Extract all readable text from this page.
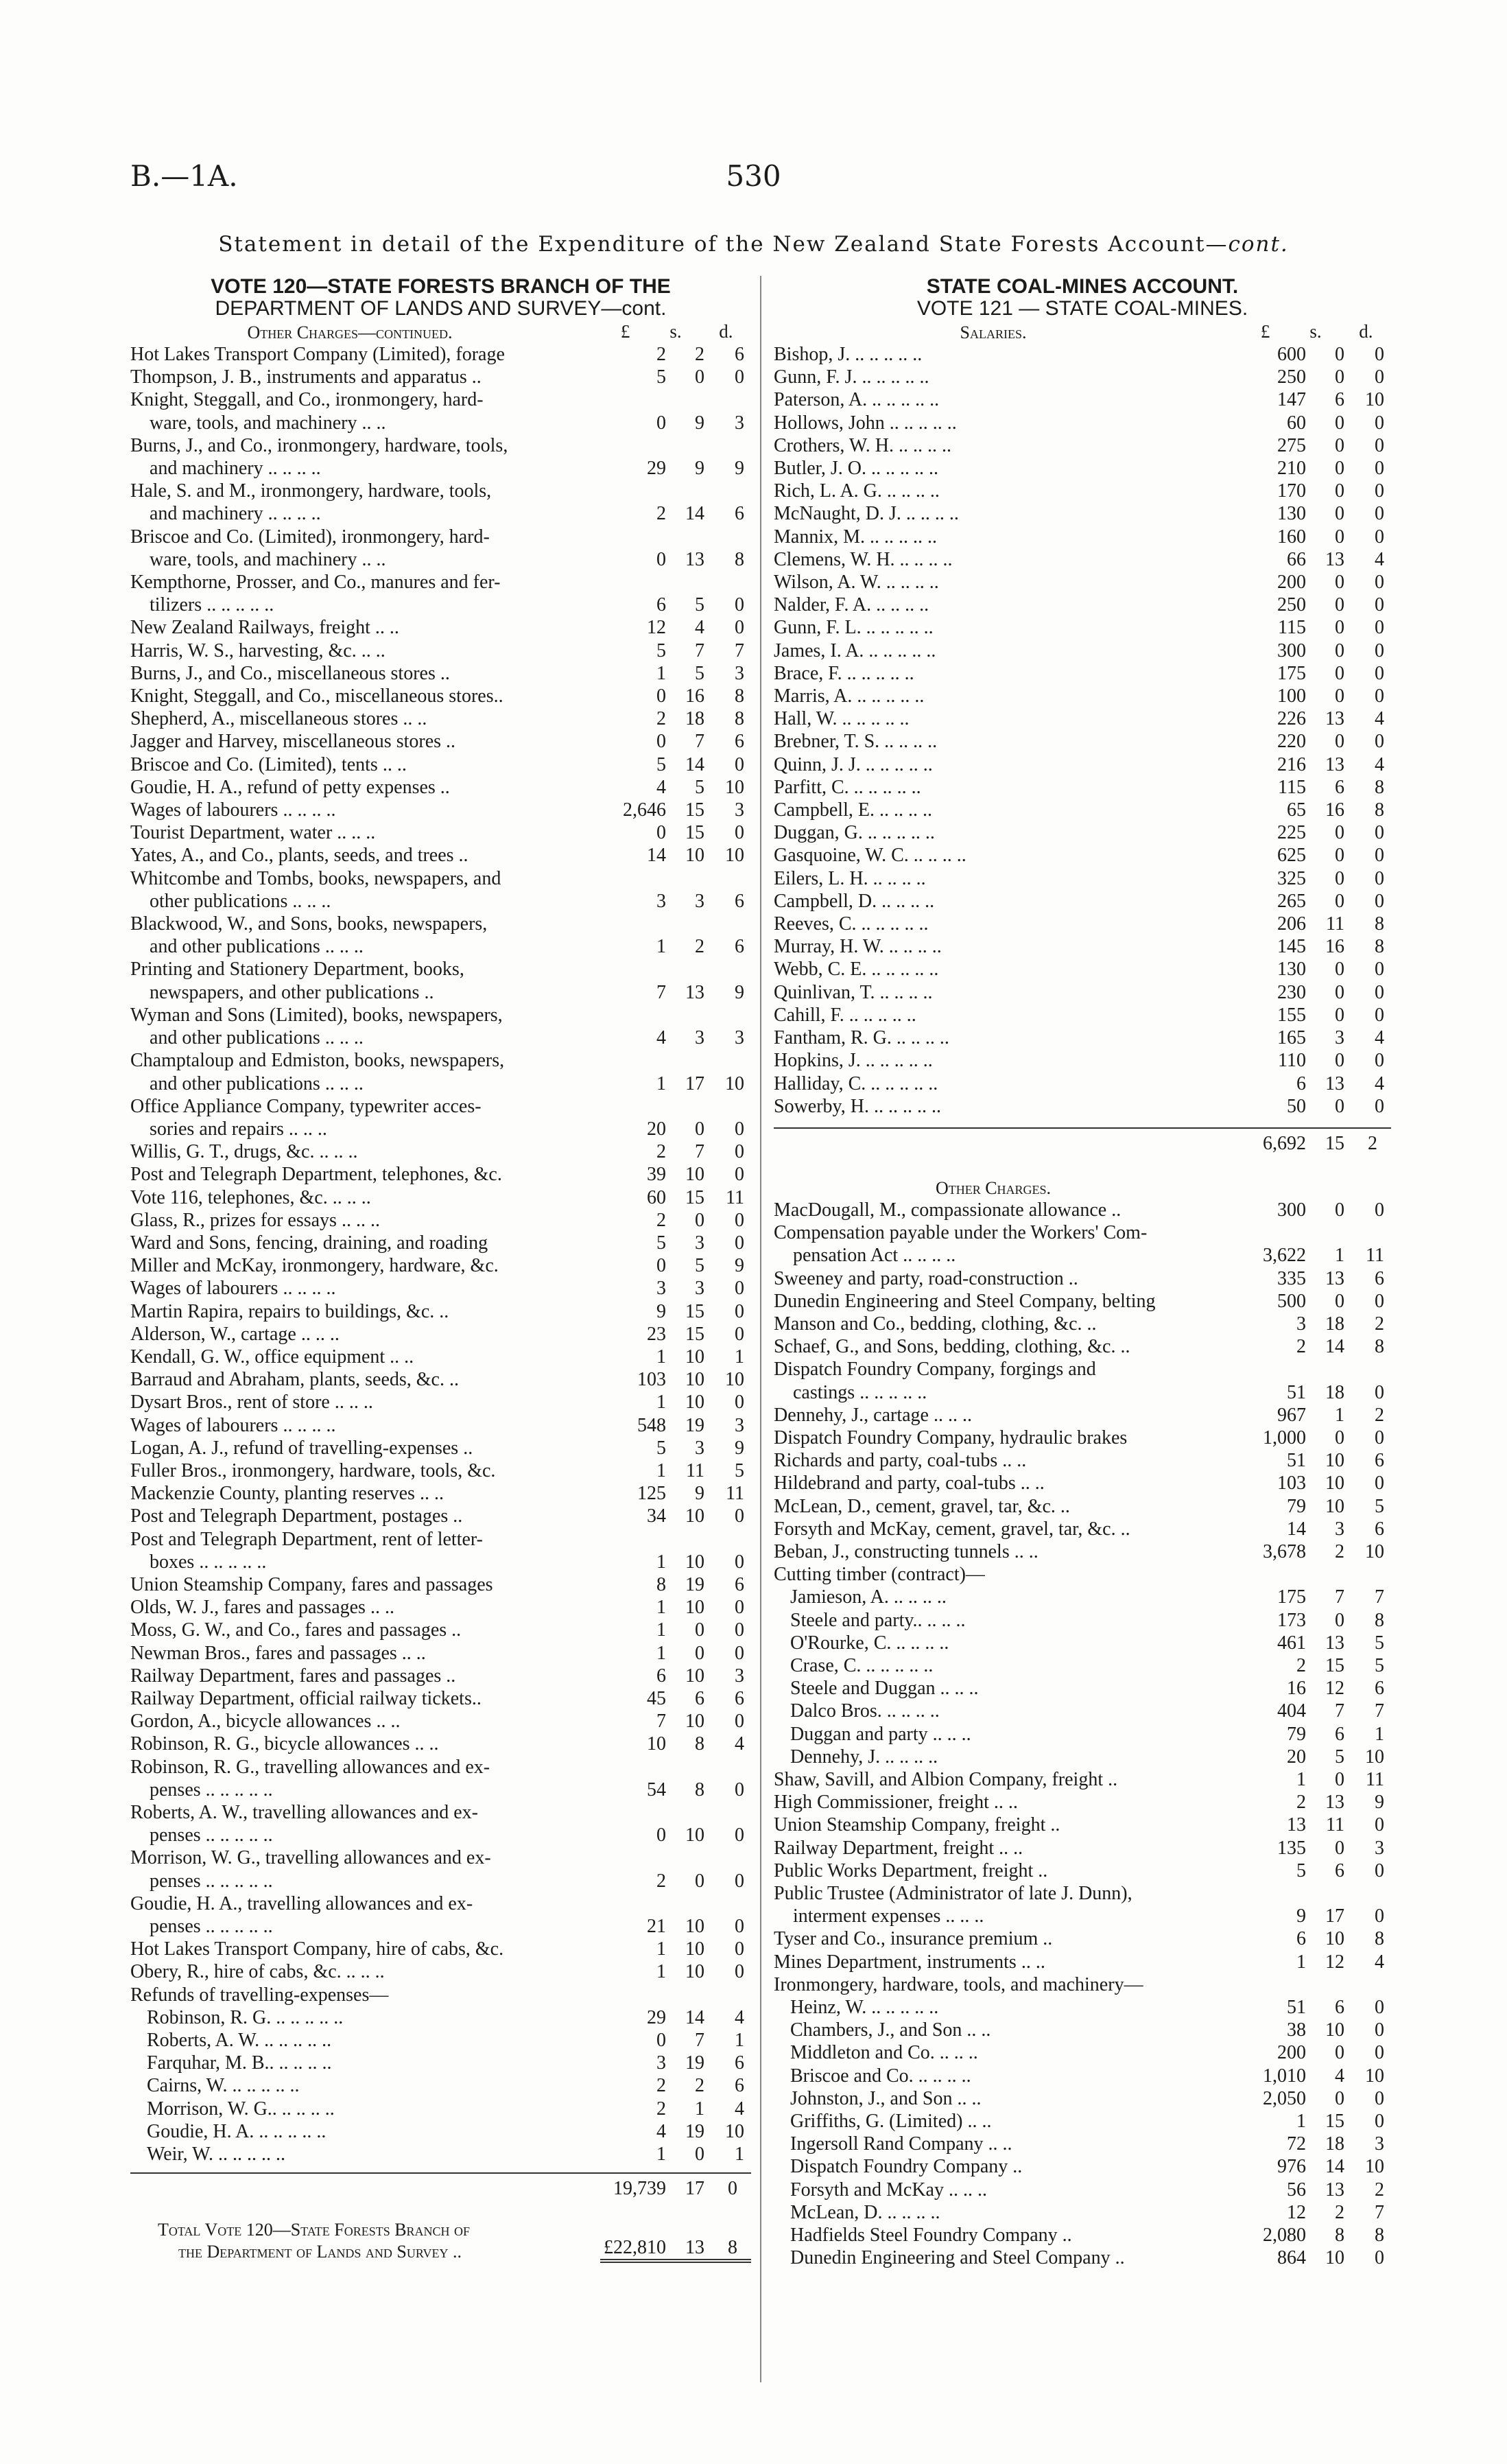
B.—1A.	530
Statement in detail of the Expenditure of the New Zealand State Forests Account—cont.
VOTE 120—STATE FORESTS BRANCH OF THE
DEPARTMENT OF LANDS AND SURVEY—cont.
Other Charges—continued.	£	s.	d.
Hot Lakes Transport Company (Limited), forage	2	2	6
Thompson, J. B., instruments and apparatus ..	5	0	0
Knight, Steggall, and Co., ironmongery, hard-
ware, tools, and machinery .. ..	0	9	3
Burns, J., and Co., ironmongery, hardware, tools,
and machinery .. .. .. ..	29	9	9
Hale, S. and M., ironmongery, hardware, tools,
and machinery .. .. .. ..	2	14	6
Briscoe and Co. (Limited), ironmongery, hard-
ware, tools, and machinery .. ..	0	13	8
Kempthorne, Prosser, and Co., manures and fer-
tilizers .. .. .. .. ..	6	5	0
New Zealand Railways, freight .. ..	12	4	0
Harris, W. S., harvesting, &c. .. ..	5	7	7
Burns, J., and Co., miscellaneous stores ..	1	5	3
Knight, Steggall, and Co., miscellaneous stores..	0	16	8
Shepherd, A., miscellaneous stores .. ..	2	18	8
Jagger and Harvey, miscellaneous stores ..	0	7	6
Briscoe and Co. (Limited), tents .. ..	5	14	0
Goudie, H. A., refund of petty expenses ..	4	5	10
Wages of labourers .. .. .. ..	2,646	15	3
Tourist Department, water .. .. ..	0	15	0
Yates, A., and Co., plants, seeds, and trees ..	14	10	10
Whitcombe and Tombs, books, newspapers, and
other publications .. .. ..	3	3	6
Blackwood, W., and Sons, books, newspapers,
and other publications .. .. ..	1	2	6
Printing and Stationery Department, books,
newspapers, and other publications ..	7	13	9
Wyman and Sons (Limited), books, newspapers,
and other publications .. .. ..	4	3	3
Champtaloup and Edmiston, books, newspapers,
and other publications .. .. ..	1	17	10
Office Appliance Company, typewriter acces-
sories and repairs .. .. ..	20	0	0
Willis, G. T., drugs, &c. .. .. ..	2	7	0
Post and Telegraph Department, telephones, &c.	39	10	0
Vote 116, telephones, &c. .. .. ..	60	15	11
Glass, R., prizes for essays .. .. ..	2	0	0
Ward and Sons, fencing, draining, and roading	5	3	0
Miller and McKay, ironmongery, hardware, &c.	0	5	9
Wages of labourers .. .. .. ..	3	3	0
Martin Rapira, repairs to buildings, &c. ..	9	15	0
Alderson, W., cartage .. .. ..	23	15	0
Kendall, G. W., office equipment .. ..	1	10	1
Barraud and Abraham, plants, seeds, &c. ..	103	10	10
Dysart Bros., rent of store .. .. ..	1	10	0
Wages of labourers .. .. .. ..	548	19	3
Logan, A. J., refund of travelling-expenses ..	5	3	9
Fuller Bros., ironmongery, hardware, tools, &c.	1	11	5
Mackenzie County, planting reserves .. ..	125	9	11
Post and Telegraph Department, postages ..	34	10	0
Post and Telegraph Department, rent of letter-
boxes .. .. .. .. ..	1	10	0
Union Steamship Company, fares and passages	8	19	6
Olds, W. J., fares and passages .. ..	1	10	0
Moss, G. W., and Co., fares and passages ..	1	0	0
Newman Bros., fares and passages .. ..	1	0	0
Railway Department, fares and passages ..	6	10	3
Railway Department, official railway tickets..	45	6	6
Gordon, A., bicycle allowances .. ..	7	10	0
Robinson, R. G., bicycle allowances .. ..	10	8	4
Robinson, R. G., travelling allowances and ex-
penses .. .. .. .. ..	54	8	0
Roberts, A. W., travelling allowances and ex-
penses .. .. .. .. ..	0	10	0
Morrison, W. G., travelling allowances and ex-
penses .. .. .. .. ..	2	0	0
Goudie, H. A., travelling allowances and ex-
penses .. .. .. .. ..	21	10	0
Hot Lakes Transport Company, hire of cabs, &c.	1	10	0
Obery, R., hire of cabs, &c. .. .. ..	1	10	0
Refunds of travelling-expenses—
Robinson, R. G. .. .. .. .. ..	29	14	4
Roberts, A. W. .. .. .. .. ..	0	7	1
Farquhar, M. B.. .. .. .. ..	3	19	6
Cairns, W. .. .. .. .. ..	2	2	6
Morrison, W. G.. .. .. .. ..	2	1	4
Goudie, H. A. .. .. .. .. ..	4	19	10
Weir, W. .. .. .. .. ..	1	0	1
19,739	17	0
Total Vote 120—State Forests Branch of
the Department of Lands and Survey ..	£22,810	13	8
STATE COAL-MINES ACCOUNT.
VOTE 121 — STATE COAL-MINES.
Salaries.	£	s.	d.
Bishop, J. .. .. .. .. ..	600	0	0
Gunn, F. J. .. .. .. .. ..	250	0	0
Paterson, A. .. .. .. .. ..	147	6	10
Hollows, John .. .. .. .. ..	60	0	0
Crothers, W. H. .. .. .. ..	275	0	0
Butler, J. O. .. .. .. .. ..	210	0	0
Rich, L. A. G. .. .. .. ..	170	0	0
McNaught, D. J. .. .. .. ..	130	0	0
Mannix, M. .. .. .. .. ..	160	0	0
Clemens, W. H. .. .. .. ..	66	13	4
Wilson, A. W. .. .. .. ..	200	0	0
Nalder, F. A. .. .. .. ..	250	0	0
Gunn, F. L. .. .. .. .. ..	115	0	0
James, I. A. .. .. .. .. ..	300	0	0
Brace, F. .. .. .. .. ..	175	0	0
Marris, A. .. .. .. .. ..	100	0	0
Hall, W. .. .. .. .. ..	226	13	4
Brebner, T. S. .. .. .. ..	220	0	0
Quinn, J. J. .. .. .. .. ..	216	13	4
Parfitt, C. .. .. .. .. ..	115	6	8
Campbell, E. .. .. .. ..	65	16	8
Duggan, G. .. .. .. .. ..	225	0	0
Gasquoine, W. C. .. .. .. ..	625	0	0
Eilers, L. H. .. .. .. ..	325	0	0
Campbell, D. .. .. .. ..	265	0	0
Reeves, C. .. .. .. .. ..	206	11	8
Murray, H. W. .. .. .. ..	145	16	8
Webb, C. E. .. .. .. .. ..	130	0	0
Quinlivan, T. .. .. .. ..	230	0	0
Cahill, F. .. .. .. .. ..	155	0	0
Fantham, R. G. .. .. .. ..	165	3	4
Hopkins, J. .. .. .. .. ..	110	0	0
Halliday, C. .. .. .. .. ..	6	13	4
Sowerby, H. .. .. .. .. ..	50	0	0
6,692	15	2
Other Charges.
MacDougall, M., compassionate allowance ..	300	0	0
Compensation payable under the Workers' Com-
pensation Act .. .. .. ..	3,622	1	11
Sweeney and party, road-construction ..	335	13	6
Dunedin Engineering and Steel Company, belting	500	0	0
Manson and Co., bedding, clothing, &c. ..	3	18	2
Schaef, G., and Sons, bedding, clothing, &c. ..	2	14	8
Dispatch Foundry Company, forgings and
castings .. .. .. .. ..	51	18	0
Dennehy, J., cartage .. .. ..	967	1	2
Dispatch Foundry Company, hydraulic brakes	1,000	0	0
Richards and party, coal-tubs .. ..	51	10	6
Hildebrand and party, coal-tubs .. ..	103	10	0
McLean, D., cement, gravel, tar, &c. ..	79	10	5
Forsyth and McKay, cement, gravel, tar, &c. ..	14	3	6
Beban, J., constructing tunnels .. ..	3,678	2	10
Cutting timber (contract)—
Jamieson, A. .. .. .. ..	175	7	7
Steele and party.. .. .. ..	173	0	8
O'Rourke, C. .. .. .. ..	461	13	5
Crase, C. .. .. .. .. ..	2	15	5
Steele and Duggan .. .. ..	16	12	6
Dalco Bros. .. .. .. ..	404	7	7
Duggan and party .. .. ..	79	6	1
Dennehy, J. .. .. .. ..	20	5	10
Shaw, Savill, and Albion Company, freight ..	1	0	11
High Commissioner, freight .. ..	2	13	9
Union Steamship Company, freight ..	13	11	0
Railway Department, freight .. ..	135	0	3
Public Works Department, freight ..	5	6	0
Public Trustee (Administrator of late J. Dunn),
interment expenses .. .. ..	9	17	0
Tyser and Co., insurance premium ..	6	10	8
Mines Department, instruments .. ..	1	12	4
Ironmongery, hardware, tools, and machinery—
Heinz, W. .. .. .. .. ..	51	6	0
Chambers, J., and Son .. ..	38	10	0
Middleton and Co. .. .. ..	200	0	0
Briscoe and Co. .. .. .. ..	1,010	4	10
Johnston, J., and Son .. ..	2,050	0	0
Griffiths, G. (Limited) .. ..	1	15	0
Ingersoll Rand Company .. ..	72	18	3
Dispatch Foundry Company ..	976	14	10
Forsyth and McKay .. .. ..	56	13	2
McLean, D. .. .. .. ..	12	2	7
Hadfields Steel Foundry Company ..	2,080	8	8
Dunedin Engineering and Steel Company ..	864	10	0
